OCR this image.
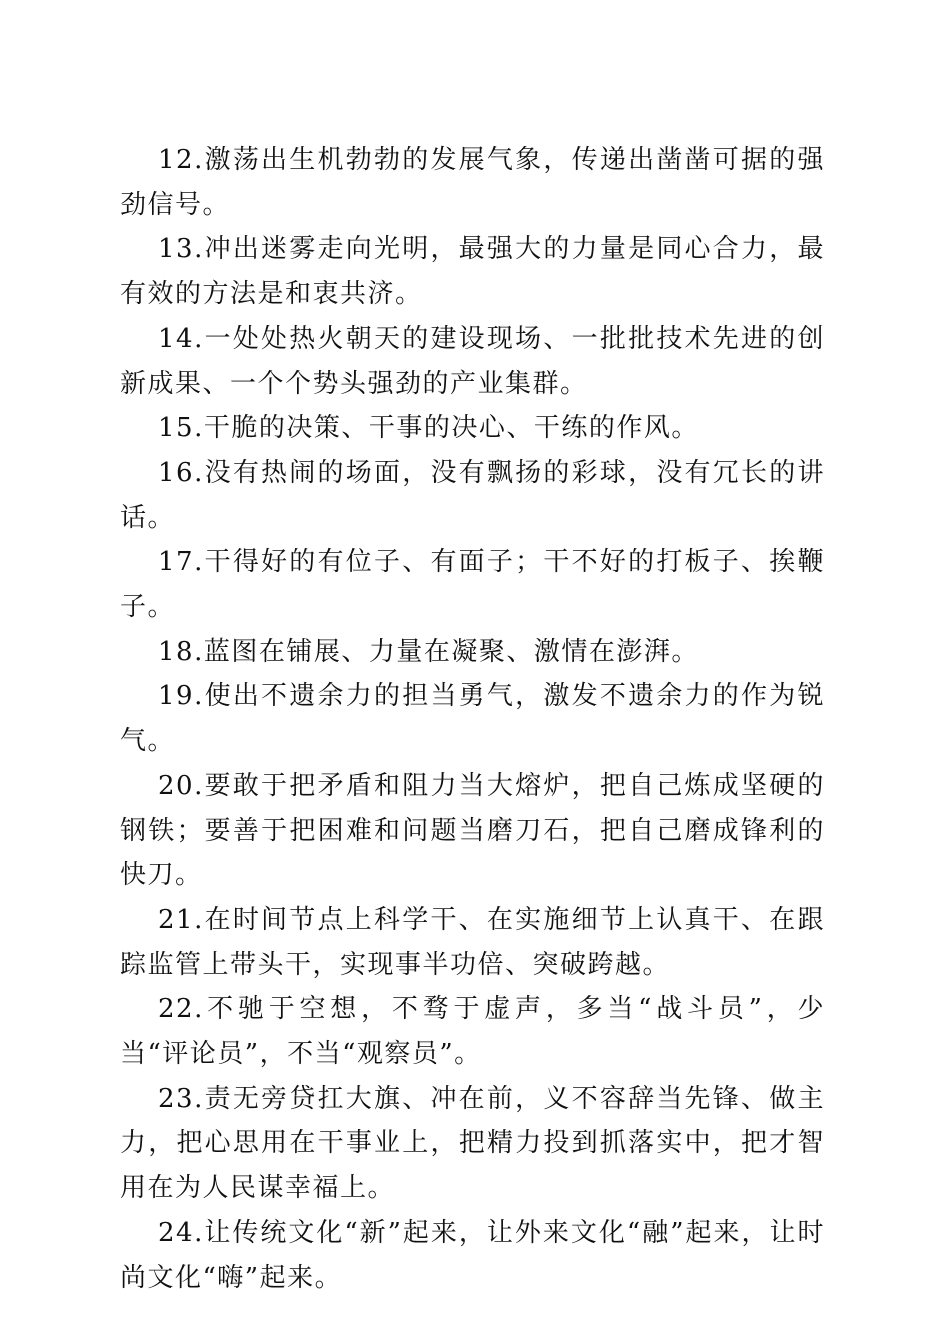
12.激荡出生机勃勃的发展气象，传递出凿凿可据的强劲信号。

13.冲出迷雾走向光明，最强大的力量是同心合力，最有效的方法是和衷共济。

14.一处处热火朝天的建设现场、一批批技术先进的创新成果、一个个势头强劲的产业集群。

15.干脆的决策、干事的决心、干练的作风。

16.没有热闹的场面，没有飘扬的彩球，没有冗长的讲话。

17.干得好的有位子、有面子；干不好的打板子、挨鞭子。

18.蓝图在铺展、力量在凝聚、激情在澎湃。

19.使出不遗余力的担当勇气，激发不遗余力的作为锐气。

20.要敢于把矛盾和阻力当大熔炉，把自己炼成坚硬的钢铁；要善于把困难和问题当磨刀石，把自己磨成锋利的快刀。

21.在时间节点上科学干、在实施细节上认真干、在跟踪监管上带头干，实现事半功倍、突破跨越。

22.不驰于空想，不骛于虚声，多当“战斗员”，少当“评论员”，不当“观察员”。

23.责无旁贷扛大旗、冲在前，义不容辞当先锋、做主力，把心思用在干事业上，把精力投到抓落实中，把才智用在为人民谋幸福上。

24.让传统文化“新”起来，让外来文化“融”起来，让时尚文化“嗨”起来。
